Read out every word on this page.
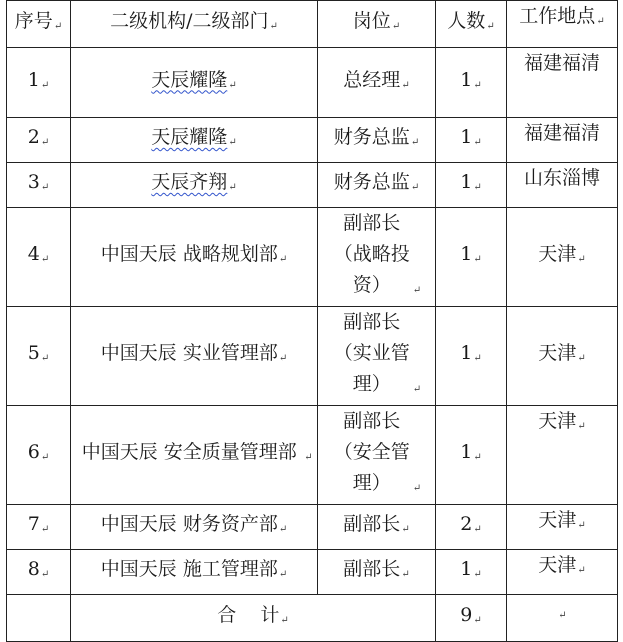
序号↵	二级机构/二级部门↵	岗位↵	人数↵	工作地点↵
1↵	天辰耀隆↵	总经理↵	1↵	福建福清
2↵	天辰耀隆↵	财务总监↵	1↵	福建福清
3↵	天辰齐翔↵	财务总监↵	1↵	山东淄博
4↵	中国天辰 战略规划部↵	副部长（战略投资） ↵	1↵	天津↵
5↵	中国天辰 实业管理部↵	副部长（实业管理） ↵	1↵	天津↵
6↵	中国天辰 安全质量管理部 ↵	副部长（安全管理） ↵	1↵	天津↵
7↵	中国天辰 财务资产部↵	副部长↵	2↵	天津↵
8↵	中国天辰 施工管理部↵	副部长↵	1↵	天津↵
	合    计↵		9↵	↵
